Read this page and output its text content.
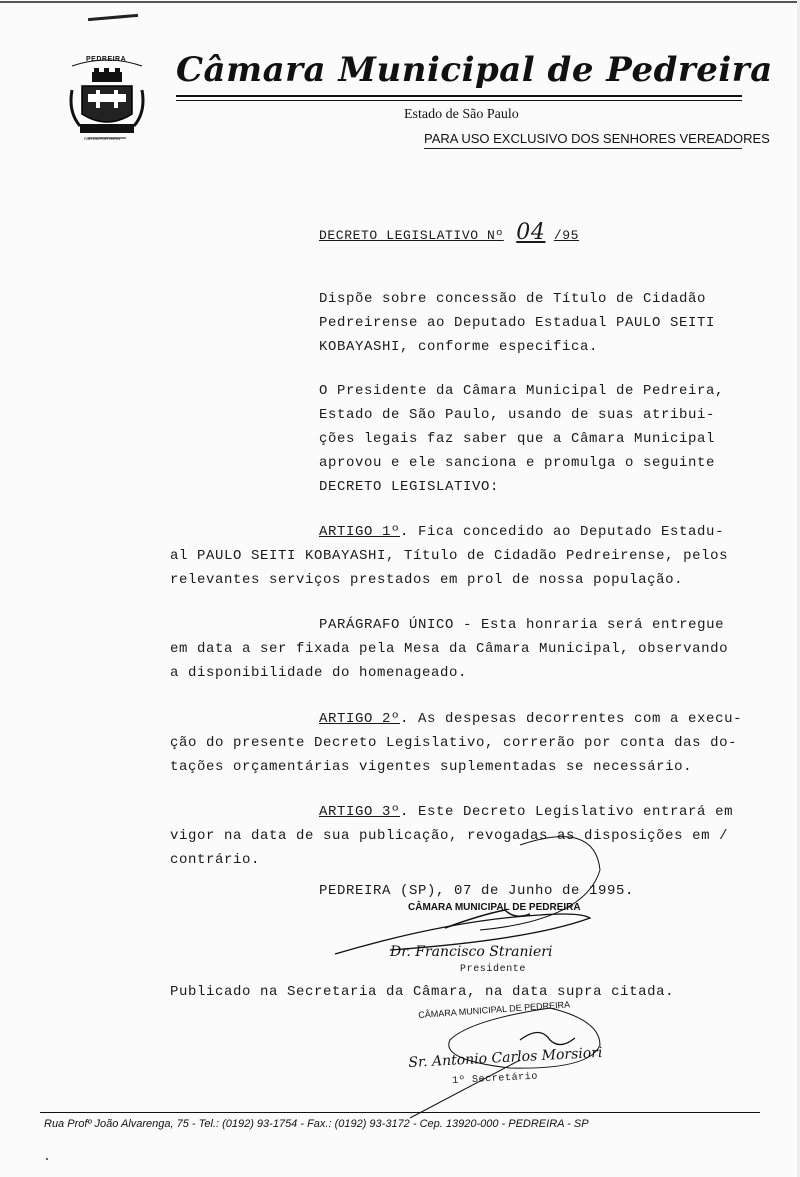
PEDREIRA
PAU DA PORTEIRA
Câmara Municipal de Pedreira
Estado de São Paulo
PARA USO EXCLUSIVO DOS SENHORES VEREADORES
DECRETO LEGISLATIVO Nº 04 /95
Dispõe sobre concessão de Título de Cidadão
Pedreirense ao Deputado Estadual PAULO SEITI
KOBAYASHI, conforme especifica.
O Presidente da Câmara Municipal de Pedreira,
Estado de São Paulo, usando de suas atribui-
ções legais faz saber que a Câmara Municipal
aprovou e ele sanciona e promulga o seguinte
DECRETO LEGISLATIVO:
ARTIGO 1º. Fica concedido ao Deputado Estadu-
al PAULO SEITI KOBAYASHI, Título de Cidadão Pedreirense, pelos
relevantes serviços prestados em prol de nossa população.
PARÁGRAFO ÚNICO - Esta honraria será entregue
em data a ser fixada pela Mesa da Câmara Municipal, observando
a disponibilidade do homenageado.
ARTIGO 2º. As despesas decorrentes com a execu-
ção do presente Decreto Legislativo, correrão por conta das do-
tações orçamentárias vigentes suplementadas se necessário.
ARTIGO 3º. Este Decreto Legislativo entrará em
vigor na data de sua publicação, revogadas as disposições em /
contrário.
PEDREIRA (SP), 07 de Junho de 1995.
CÂMARA MUNICIPAL DE PEDREIRA
Dr. Francisco Stranieri
Presidente
Publicado na Secretaria da Câmara, na data supra citada.
CÂMARA MUNICIPAL DE PEDREIRA
Sr. Antonio Carlos Morsiori
1º Secretário
Rua Profº João Alvarenga, 75 - Tel.: (0192) 93-1754 - Fax.: (0192) 93-3172 - Cep. 13920-000 - PEDREIRA - SP
